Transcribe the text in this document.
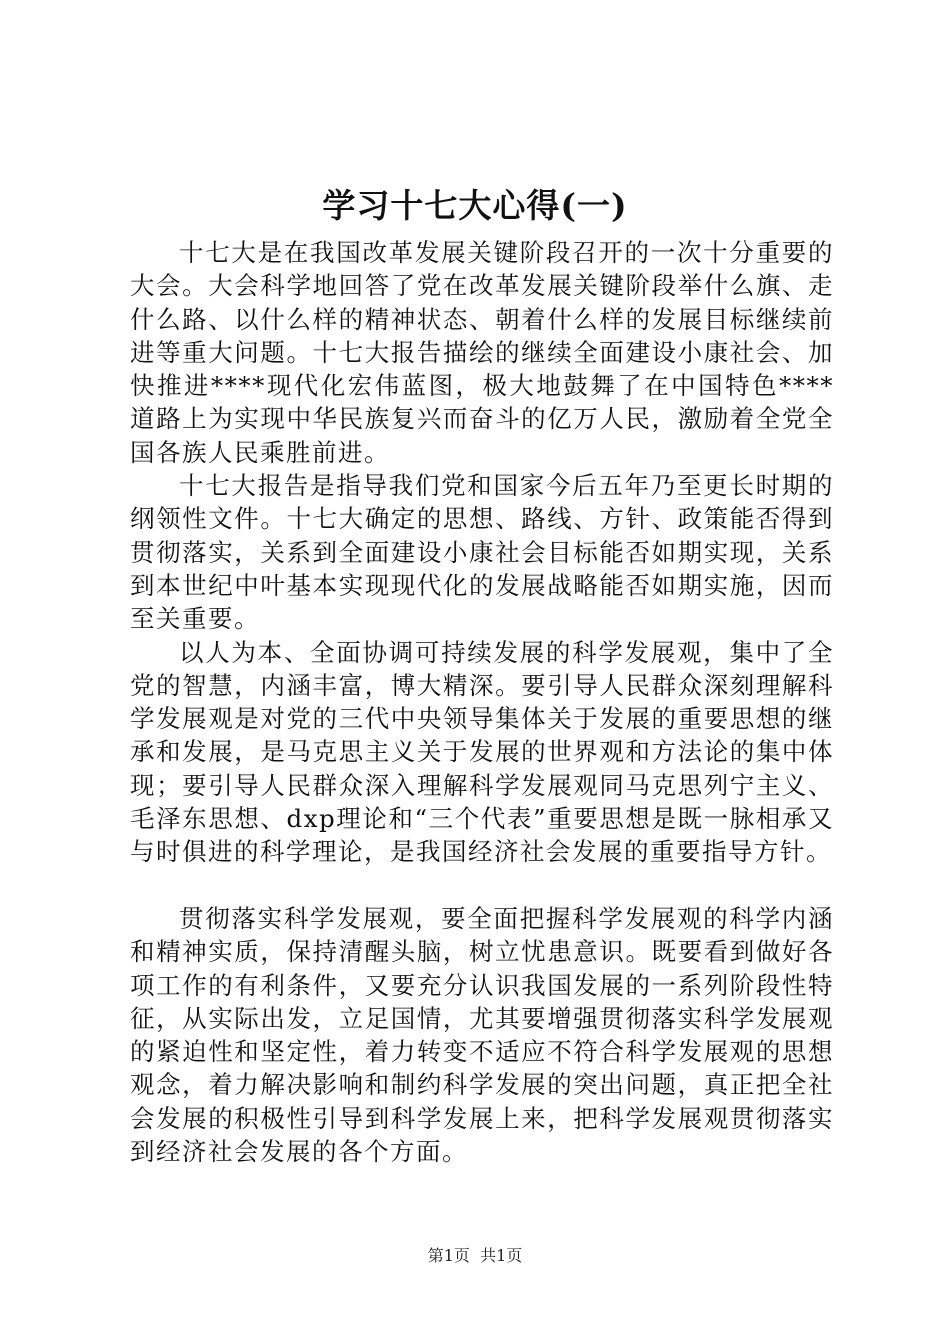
学习十七大心得(一)

十七大是在我国改革发展关键阶段召开的一次十分重要的大会。大会科学地回答了党在改革发展关键阶段举什么旗、走什么路、以什么样的精神状态、朝着什么样的发展目标继续前进等重大问题。十七大报告描绘的继续全面建设小康社会、加快推进****现代化宏伟蓝图，极大地鼓舞了在中国特色****道路上为实现中华民族复兴而奋斗的亿万人民，激励着全党全国各族人民乘胜前进。

十七大报告是指导我们党和国家今后五年乃至更长时期的纲领性文件。十七大确定的思想、路线、方针、政策能否得到贯彻落实，关系到全面建设小康社会目标能否如期实现，关系到本世纪中叶基本实现现代化的发展战略能否如期实施，因而至关重要。

以人为本、全面协调可持续发展的科学发展观，集中了全党的智慧，内涵丰富，博大精深。要引导人民群众深刻理解科学发展观是对党的三代中央领导集体关于发展的重要思想的继承和发展，是马克思主义关于发展的世界观和方法论的集中体现；要引导人民群众深入理解科学发展观同马克思列宁主义、毛泽东思想、dxp理论和“三个代表”重要思想是既一脉相承又与时俱进的科学理论，是我国经济社会发展的重要指导方针。

贯彻落实科学发展观，要全面把握科学发展观的科学内涵和精神实质，保持清醒头脑，树立忧患意识。既要看到做好各项工作的有利条件，又要充分认识我国发展的一系列阶段性特征，从实际出发，立足国情，尤其要增强贯彻落实科学发展观的紧迫性和坚定性，着力转变不适应不符合科学发展观的思想观念，着力解决影响和制约科学发展的突出问题，真正把全社会发展的积极性引导到科学发展上来，把科学发展观贯彻落实到经济社会发展的各个方面。

第1页  共1页
